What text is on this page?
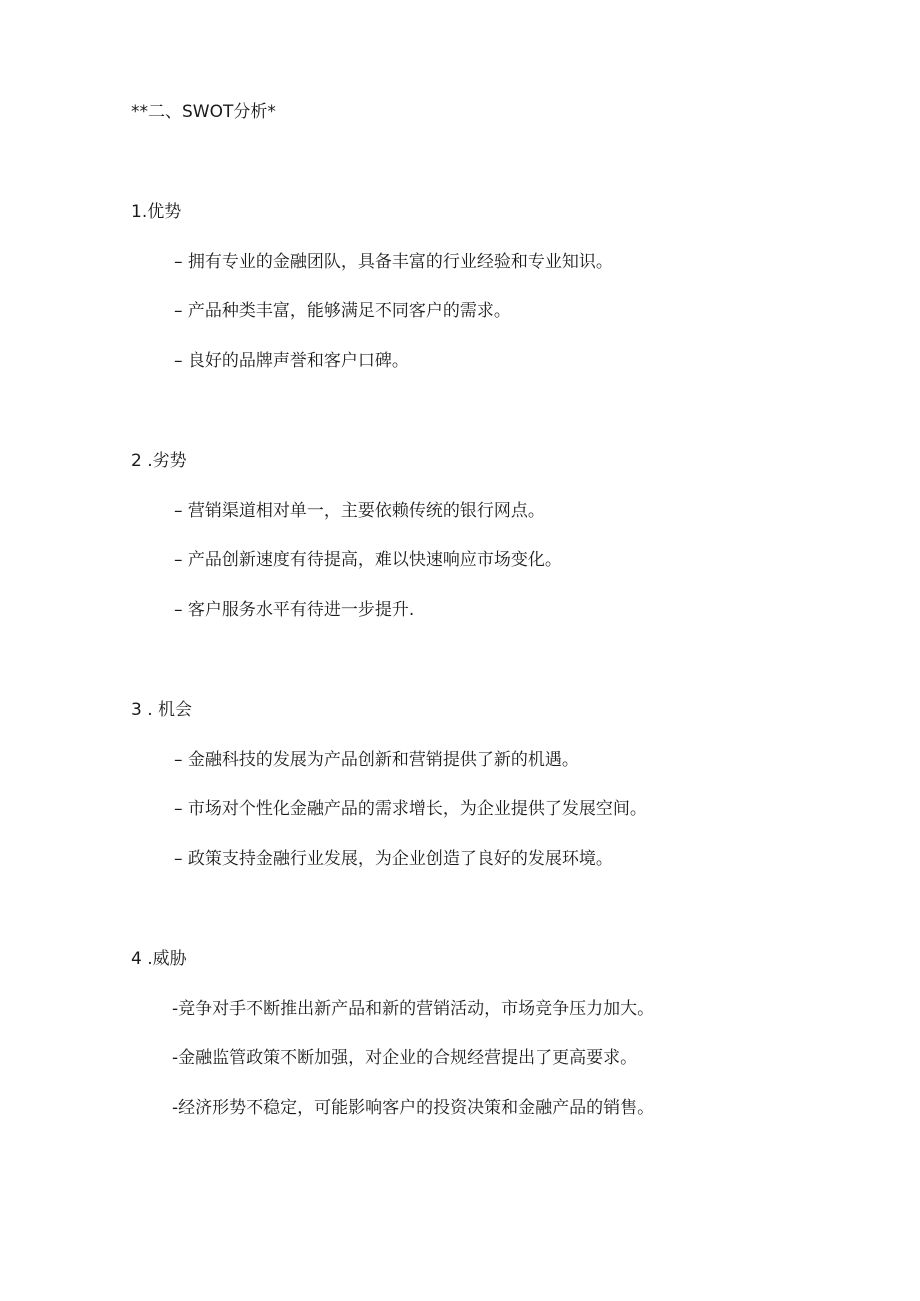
**二、SWOT分析*
1.优势
– 拥有专业的金融团队，具备丰富的行业经验和专业知识。
– 产品种类丰富，能够满足不同客户的需求。
– 良好的品牌声誉和客户口碑。
2 .劣势
– 营销渠道相对单一，主要依赖传统的银行网点。
– 产品创新速度有待提高，难以快速响应市场变化。
– 客户服务水平有待进一步提升.
3 . 机会
– 金融科技的发展为产品创新和营销提供了新的机遇。
– 市场对个性化金融产品的需求增长，为企业提供了发展空间。
– 政策支持金融行业发展，为企业创造了良好的发展环境。
4 .威胁
-竞争对手不断推出新产品和新的营销活动，市场竞争压力加大。
-金融监管政策不断加强，对企业的合规经营提出了更高要求。
-经济形势不稳定，可能影响客户的投资决策和金融产品的销售。
